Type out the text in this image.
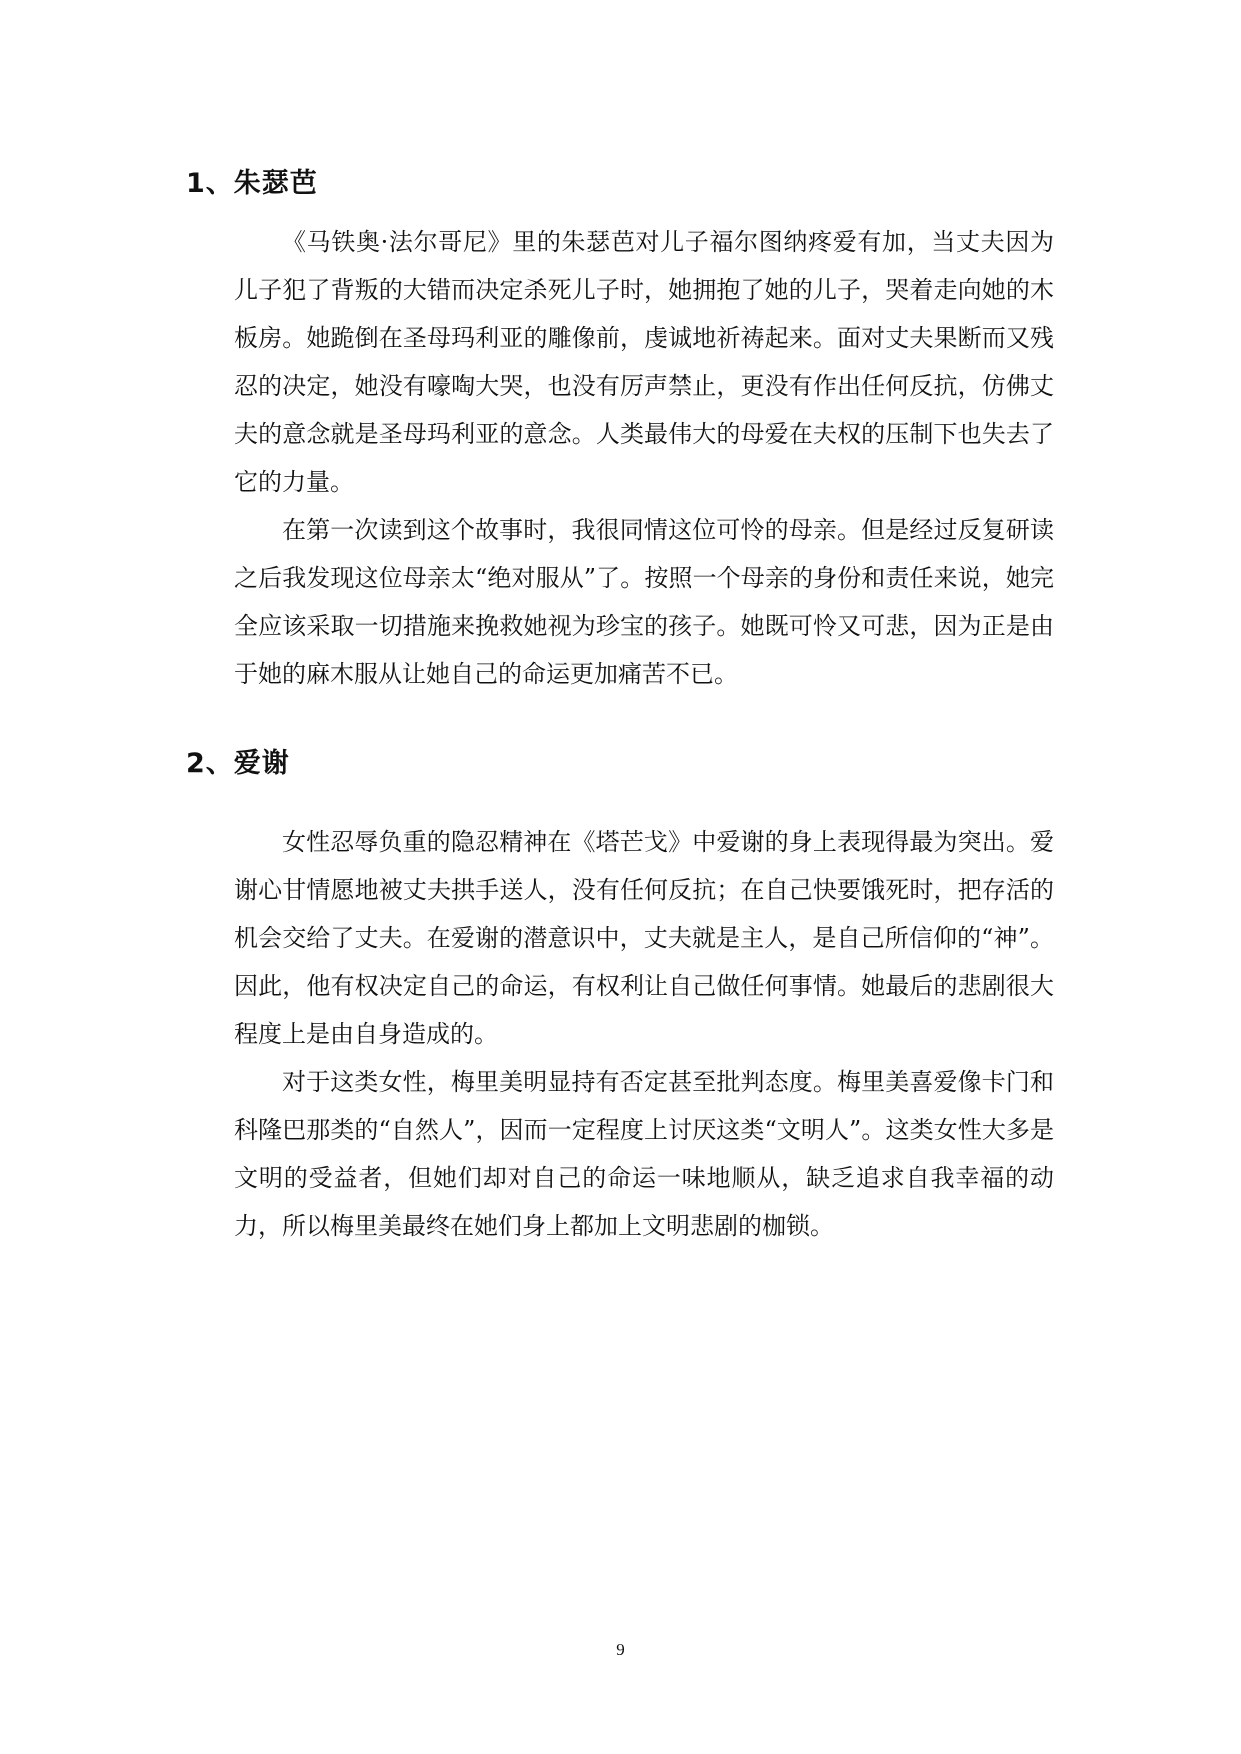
1、朱瑟芭

《马铁奥·法尔哥尼》里的朱瑟芭对儿子福尔图纳疼爱有加，当丈夫因为儿子犯了背叛的大错而决定杀死儿子时，她拥抱了她的儿子，哭着走向她的木板房。她跪倒在圣母玛利亚的雕像前，虔诚地祈祷起来。面对丈夫果断而又残忍的决定，她没有嚎啕大哭，也没有厉声禁止，更没有作出任何反抗，仿佛丈夫的意念就是圣母玛利亚的意念。人类最伟大的母爱在夫权的压制下也失去了它的力量。

在第一次读到这个故事时，我很同情这位可怜的母亲。但是经过反复研读之后我发现这位母亲太“绝对服从”了。按照一个母亲的身份和责任来说，她完全应该采取一切措施来挽救她视为珍宝的孩子。她既可怜又可悲，因为正是由于她的麻木服从让她自己的命运更加痛苦不已。

2、爱谢

女性忍辱负重的隐忍精神在《塔芒戈》中爱谢的身上表现得最为突出。爱谢心甘情愿地被丈夫拱手送人，没有任何反抗；在自己快要饿死时，把存活的机会交给了丈夫。在爱谢的潜意识中，丈夫就是主人，是自己所信仰的“神”。因此，他有权决定自己的命运，有权利让自己做任何事情。她最后的悲剧很大程度上是由自身造成的。

对于这类女性，梅里美明显持有否定甚至批判态度。梅里美喜爱像卡门和科隆巴那类的“自然人”，因而一定程度上讨厌这类“文明人”。这类女性大多是文明的受益者，但她们却对自己的命运一味地顺从，缺乏追求自我幸福的动力，所以梅里美最终在她们身上都加上文明悲剧的枷锁。

9
